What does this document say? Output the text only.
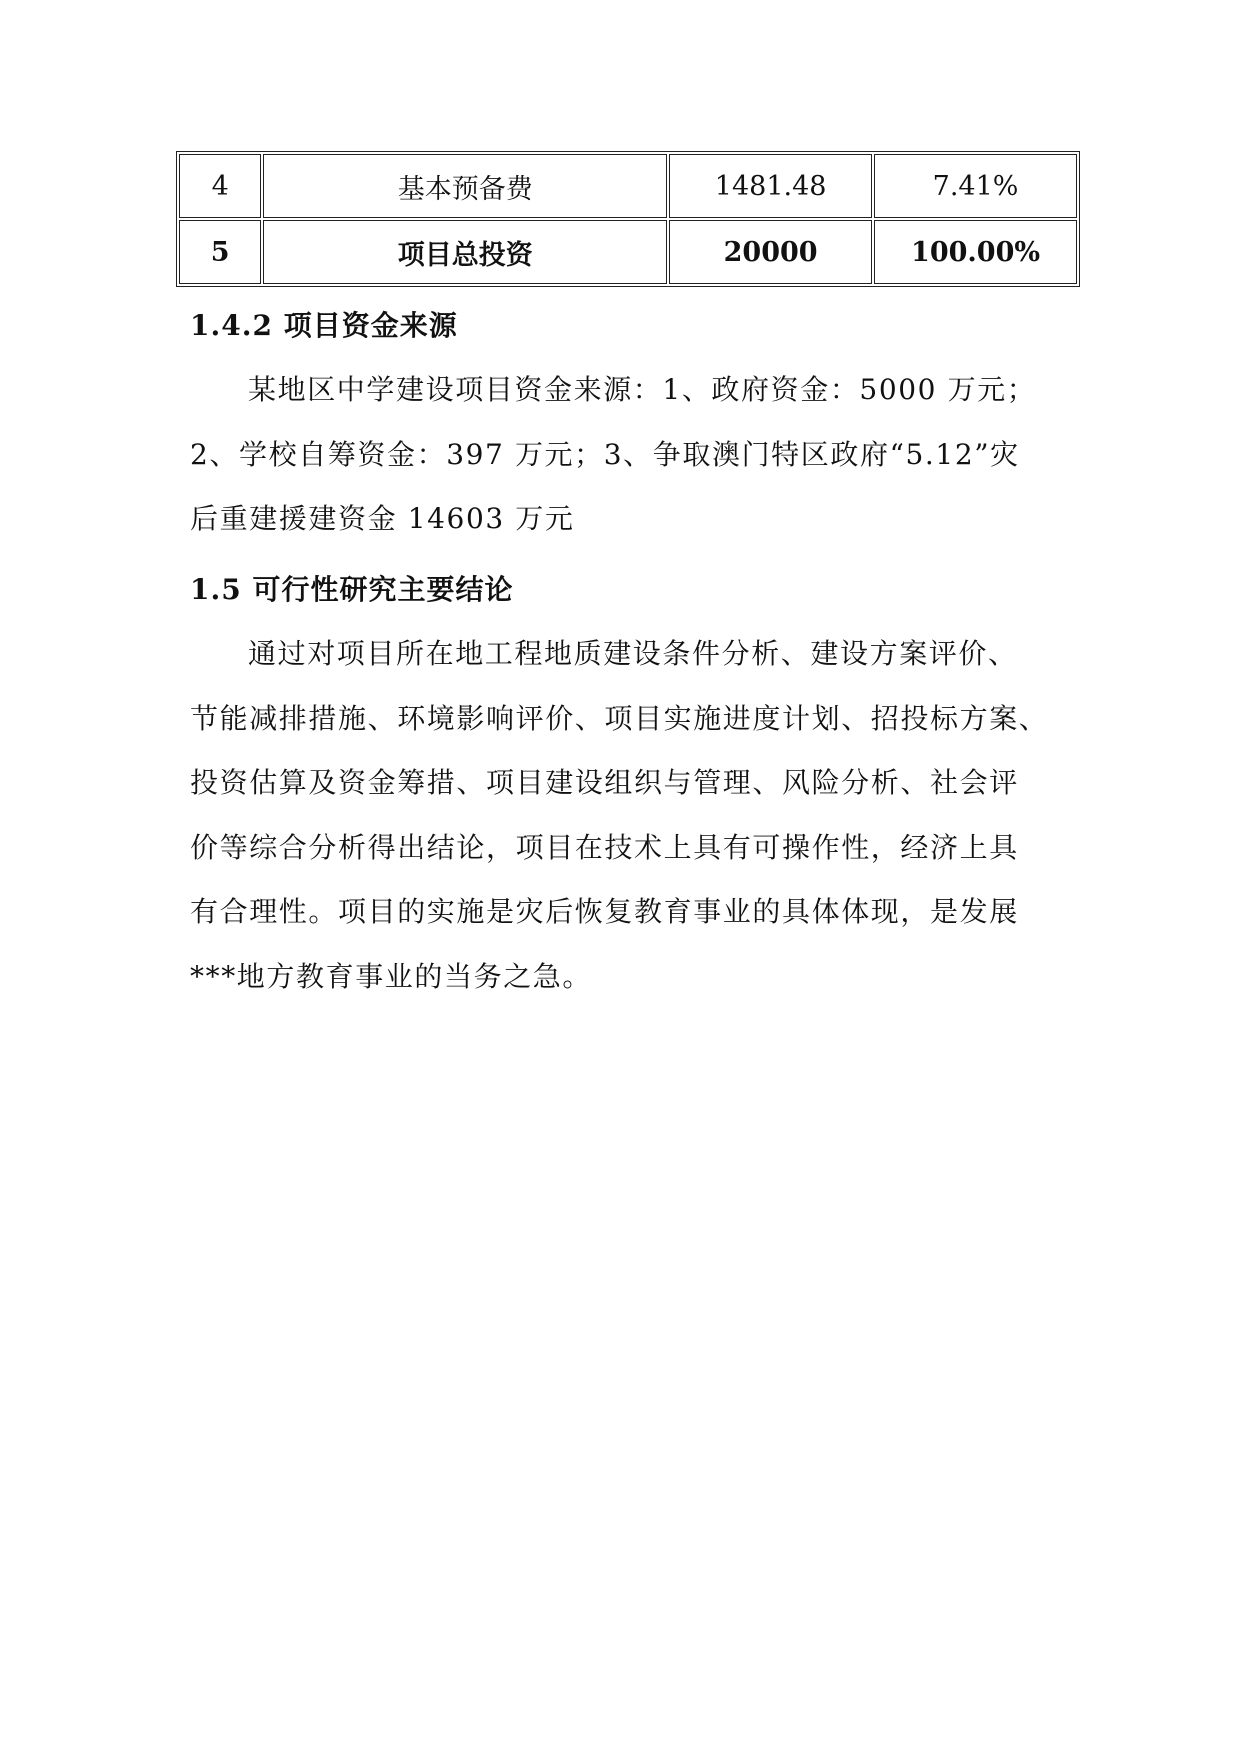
4	基本预备费	1481.48	7.41%
5	项目总投资	20000	100.00%
1.4.2 项目资金来源

某地区中学建设项目资金来源：1、政府资金：5000 万元；
2、学校自筹资金：397 万元；3、争取澳门特区政府“5.12”灾
后重建援建资金 14603 万元

1.5 可行性研究主要结论

通过对项目所在地工程地质建设条件分析、建设方案评价、
节能减排措施、环境影响评价、项目实施进度计划、招投标方案、
投资估算及资金筹措、项目建设组织与管理、风险分析、社会评
价等综合分析得出结论，项目在技术上具有可操作性，经济上具
有合理性。项目的实施是灾后恢复教育事业的具体体现，是发展
***地方教育事业的当务之急。
